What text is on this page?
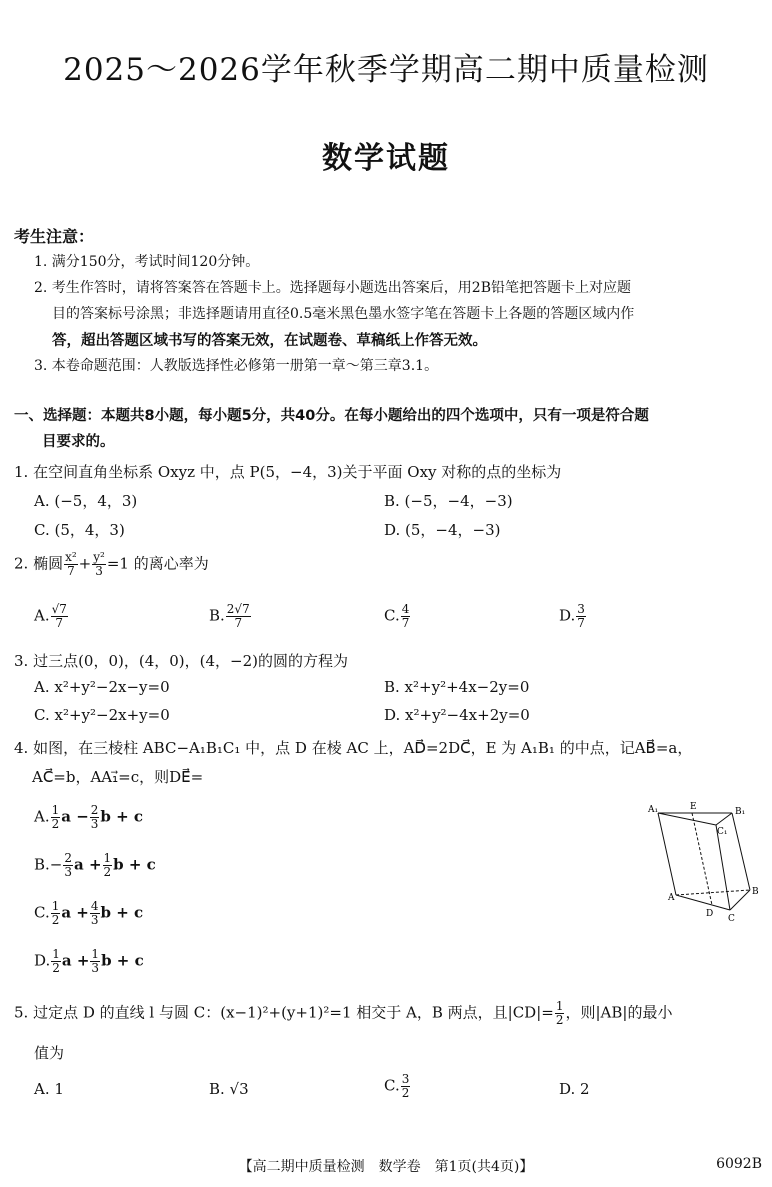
2025～2026学年秋季学期高二期中质量检测
数学试题
考生注意：
1. 满分150分，考试时间120分钟。
2. 考生作答时，请将答案答在答题卡上。选择题每小题选出答案后，用2B铅笔把答题卡上对应题
目的答案标号涂黑；非选择题请用直径0.5毫米黑色墨水签字笔在答题卡上各题的答题区域内作
答，超出答题区域书写的答案无效，在试题卷、草稿纸上作答无效。
3. 本卷命题范围：人教版选择性必修第一册第一章～第三章3.1。
一、选择题：本题共8小题，每小题5分，共40分。在每小题给出的四个选项中，只有一项是符合题
目要求的。
1. 在空间直角坐标系 Oxyz 中，点 P(5，−4，3)关于平面 Oxy 对称的点的坐标为
A. (−5，4，3)	B. (−5，−4，−3)
C. (5，4，3)	D. (5，−4，−3)
2. 椭圆 $\frac{\text{x²}}{7} + \frac{\text{y²}}{3} =1$ 的离心率为
A. $\frac{√7}{7}$	B. $\frac{2√7}{7}$	C. $\frac{4}{7}$	D. $\frac{3}{7}$
3. 过三点(0，0)，(4，0)，(4，−2)的圆的方程为
A. x²+y²−2x−y=0	B. x²+y²+4x−2y=0
C. x²+y²−2x+y=0	D. x²+y²−4x+2y=0
4. 如图，在三棱柱 ABC−A₁B₁C₁ 中，点 D 在棱 AC 上，AD⃗=2DC⃗，E 为 A₁B₁ 的中点，记AB⃗=a，
AC⃗=b，AA₁⃗=c，则DE⃗=
A. $\frac{1}{2}$ $a - \frac{2}{3}$ b + c
$B.- \frac{2}{3}$ $a + \frac{1}{2}$ b + c
C. $\frac{1}{2}$ $a + \frac{4}{3}$ b + c
D. $\frac{1}{2}$ $a + \frac{1}{3}$ b + c
A₁	E	B₁
C₁
A
B
D C
5. 过定点 D 的直线 l 与圆 C：(x−1)²+(y+1)²=1 相交于 A，B 两点，且$|CD|= \frac{1}{2}$ ，则|AB|的最小
值为
A. 1	B. √3	C. $\frac{3}{2}$	D. 2
【高二期中质量检测　数学卷　第1页(共4页)】	6092B
